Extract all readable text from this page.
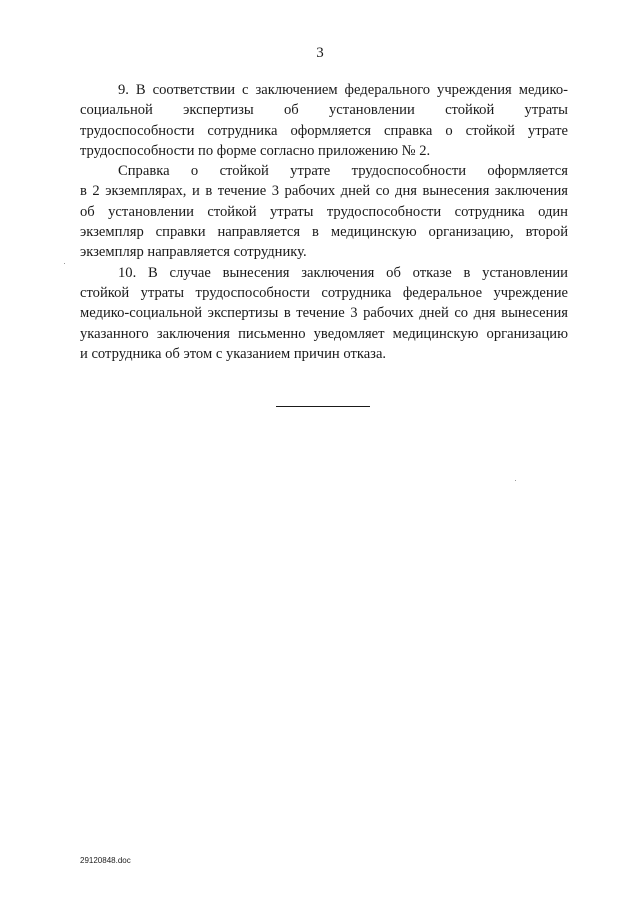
3

9. В соответствии с заключением федерального учреждения медико-
социальной экспертизы об установлении стойкой утраты
трудоспособности сотрудника оформляется справка о стойкой утрате
трудоспособности по форме согласно приложению № 2.

Справка о стойкой утрате трудоспособности оформляется
в 2 экземплярах, и в течение 3 рабочих дней со дня вынесения заключения
об установлении стойкой утраты трудоспособности сотрудника один
экземпляр справки направляется в медицинскую организацию, второй
экземпляр направляется сотруднику.

10. В случае вынесения заключения об отказе в установлении
стойкой утраты трудоспособности сотрудника федеральное учреждение
медико-социальной экспертизы в течение 3 рабочих дней со дня вынесения
указанного заключения письменно уведомляет медицинскую организацию
и сотрудника об этом с указанием причин отказа.

29120848.doc
